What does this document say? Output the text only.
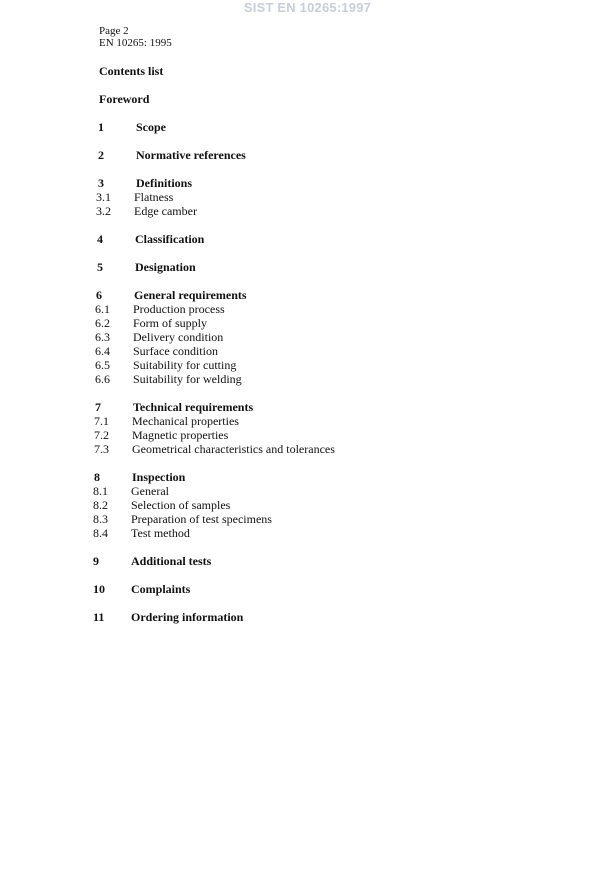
SIST EN 10265:1997
Page 2
EN 10265: 1995
Contents list
Foreword
1	Scope
2	Normative references
3	Definitions
3.1 Flatness
3.2 Edge camber
4	Classification
5	Designation
6	General requirements
6.1 Production process
6.2 Form of supply
6.3 Delivery condition
6.4 Surface condition
6.5 Suitability for cutting
6.6 Suitability for welding
7	Technical requirements
7.1 Mechanical properties
7.2 Magnetic properties
7.3 Geometrical characteristics and tolerances
8	Inspection
8.1 General
8.2 Selection of samples
8.3 Preparation of test specimens
8.4 Test method
9	Additional tests
10 Complaints
11 Ordering information
